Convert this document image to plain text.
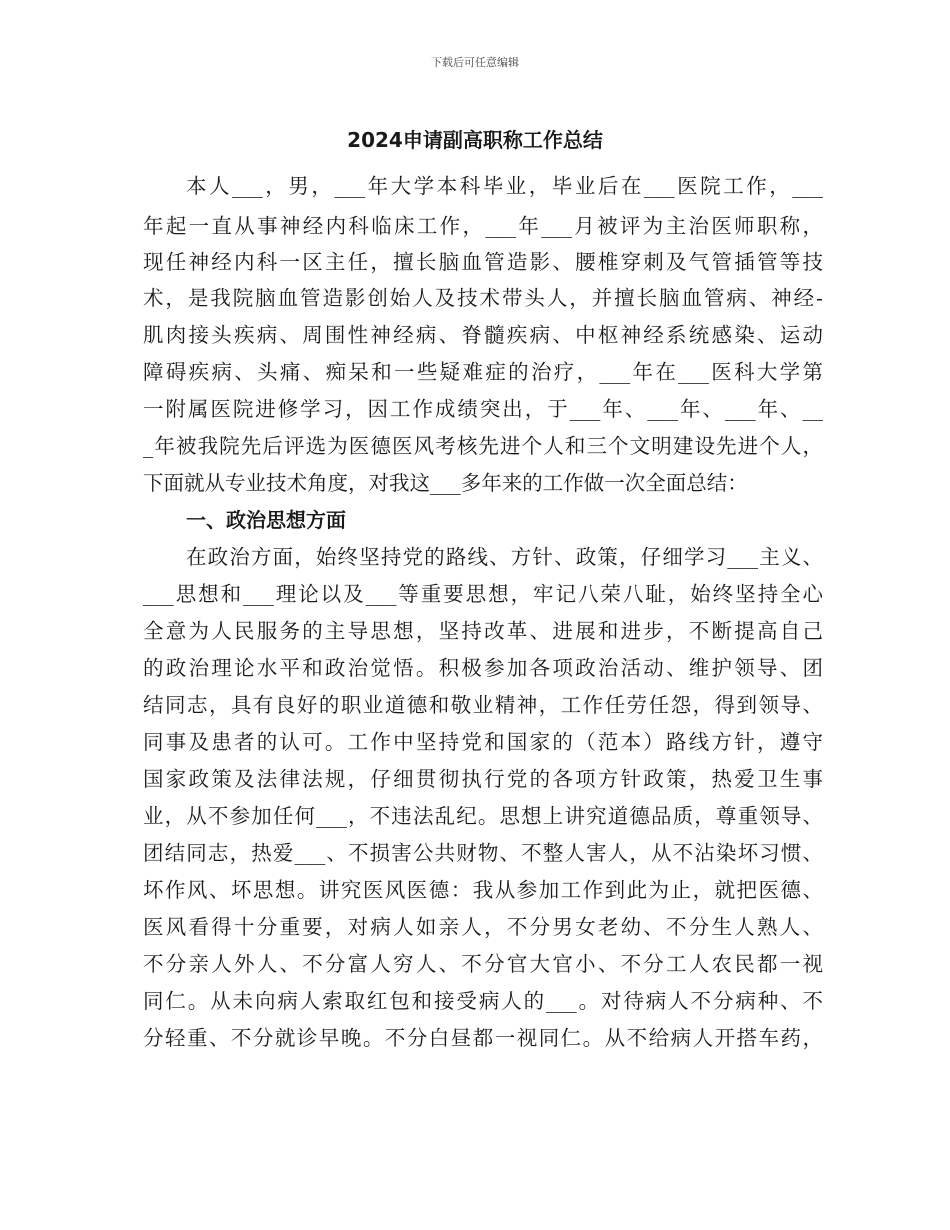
下载后可任意编辑
2024申请副高职称工作总结
本人___，男，___年大学本科毕业，毕业后在___医院工作，___
年起一直从事神经内科临床工作，___年___月被评为主治医师职称，
现任神经内科一区主任，擅长脑血管造影、腰椎穿刺及气管插管等技
术，是我院脑血管造影创始人及技术带头人，并擅长脑血管病、神经-
肌肉接头疾病、周围性神经病、脊髓疾病、中枢神经系统感染、运动
障碍疾病、头痛、痴呆和一些疑难症的治疗，___年在___医科大学第
一附属医院进修学习，因工作成绩突出，于___年、___年、___年、__
_年被我院先后评选为医德医风考核先进个人和三个文明建设先进个人，
下面就从专业技术角度，对我这___多年来的工作做一次全面总结：
一、政治思想方面
在政治方面，始终坚持党的路线、方针、政策，仔细学习___主义、
___思想和___理论以及___等重要思想，牢记八荣八耻，始终坚持全心
全意为人民服务的主导思想，坚持改革、进展和进步，不断提高自己
的政治理论水平和政治觉悟。积极参加各项政治活动、维护领导、团
结同志，具有良好的职业道德和敬业精神，工作任劳任怨，得到领导、
同事及患者的认可。工作中坚持党和国家的（范本）路线方针，遵守
国家政策及法律法规，仔细贯彻执行党的各项方针政策，热爱卫生事
业，从不参加任何___，不违法乱纪。思想上讲究道德品质，尊重领导、
团结同志，热爱___、不损害公共财物、不整人害人，从不沾染坏习惯、
坏作风、坏思想。讲究医风医德：我从参加工作到此为止，就把医德、
医风看得十分重要，对病人如亲人，不分男女老幼、不分生人熟人、
不分亲人外人、不分富人穷人、不分官大官小、不分工人农民都一视
同仁。从未向病人索取红包和接受病人的___。对待病人不分病种、不
分轻重、不分就诊早晚。不分白昼都一视同仁。从不给病人开搭车药，
